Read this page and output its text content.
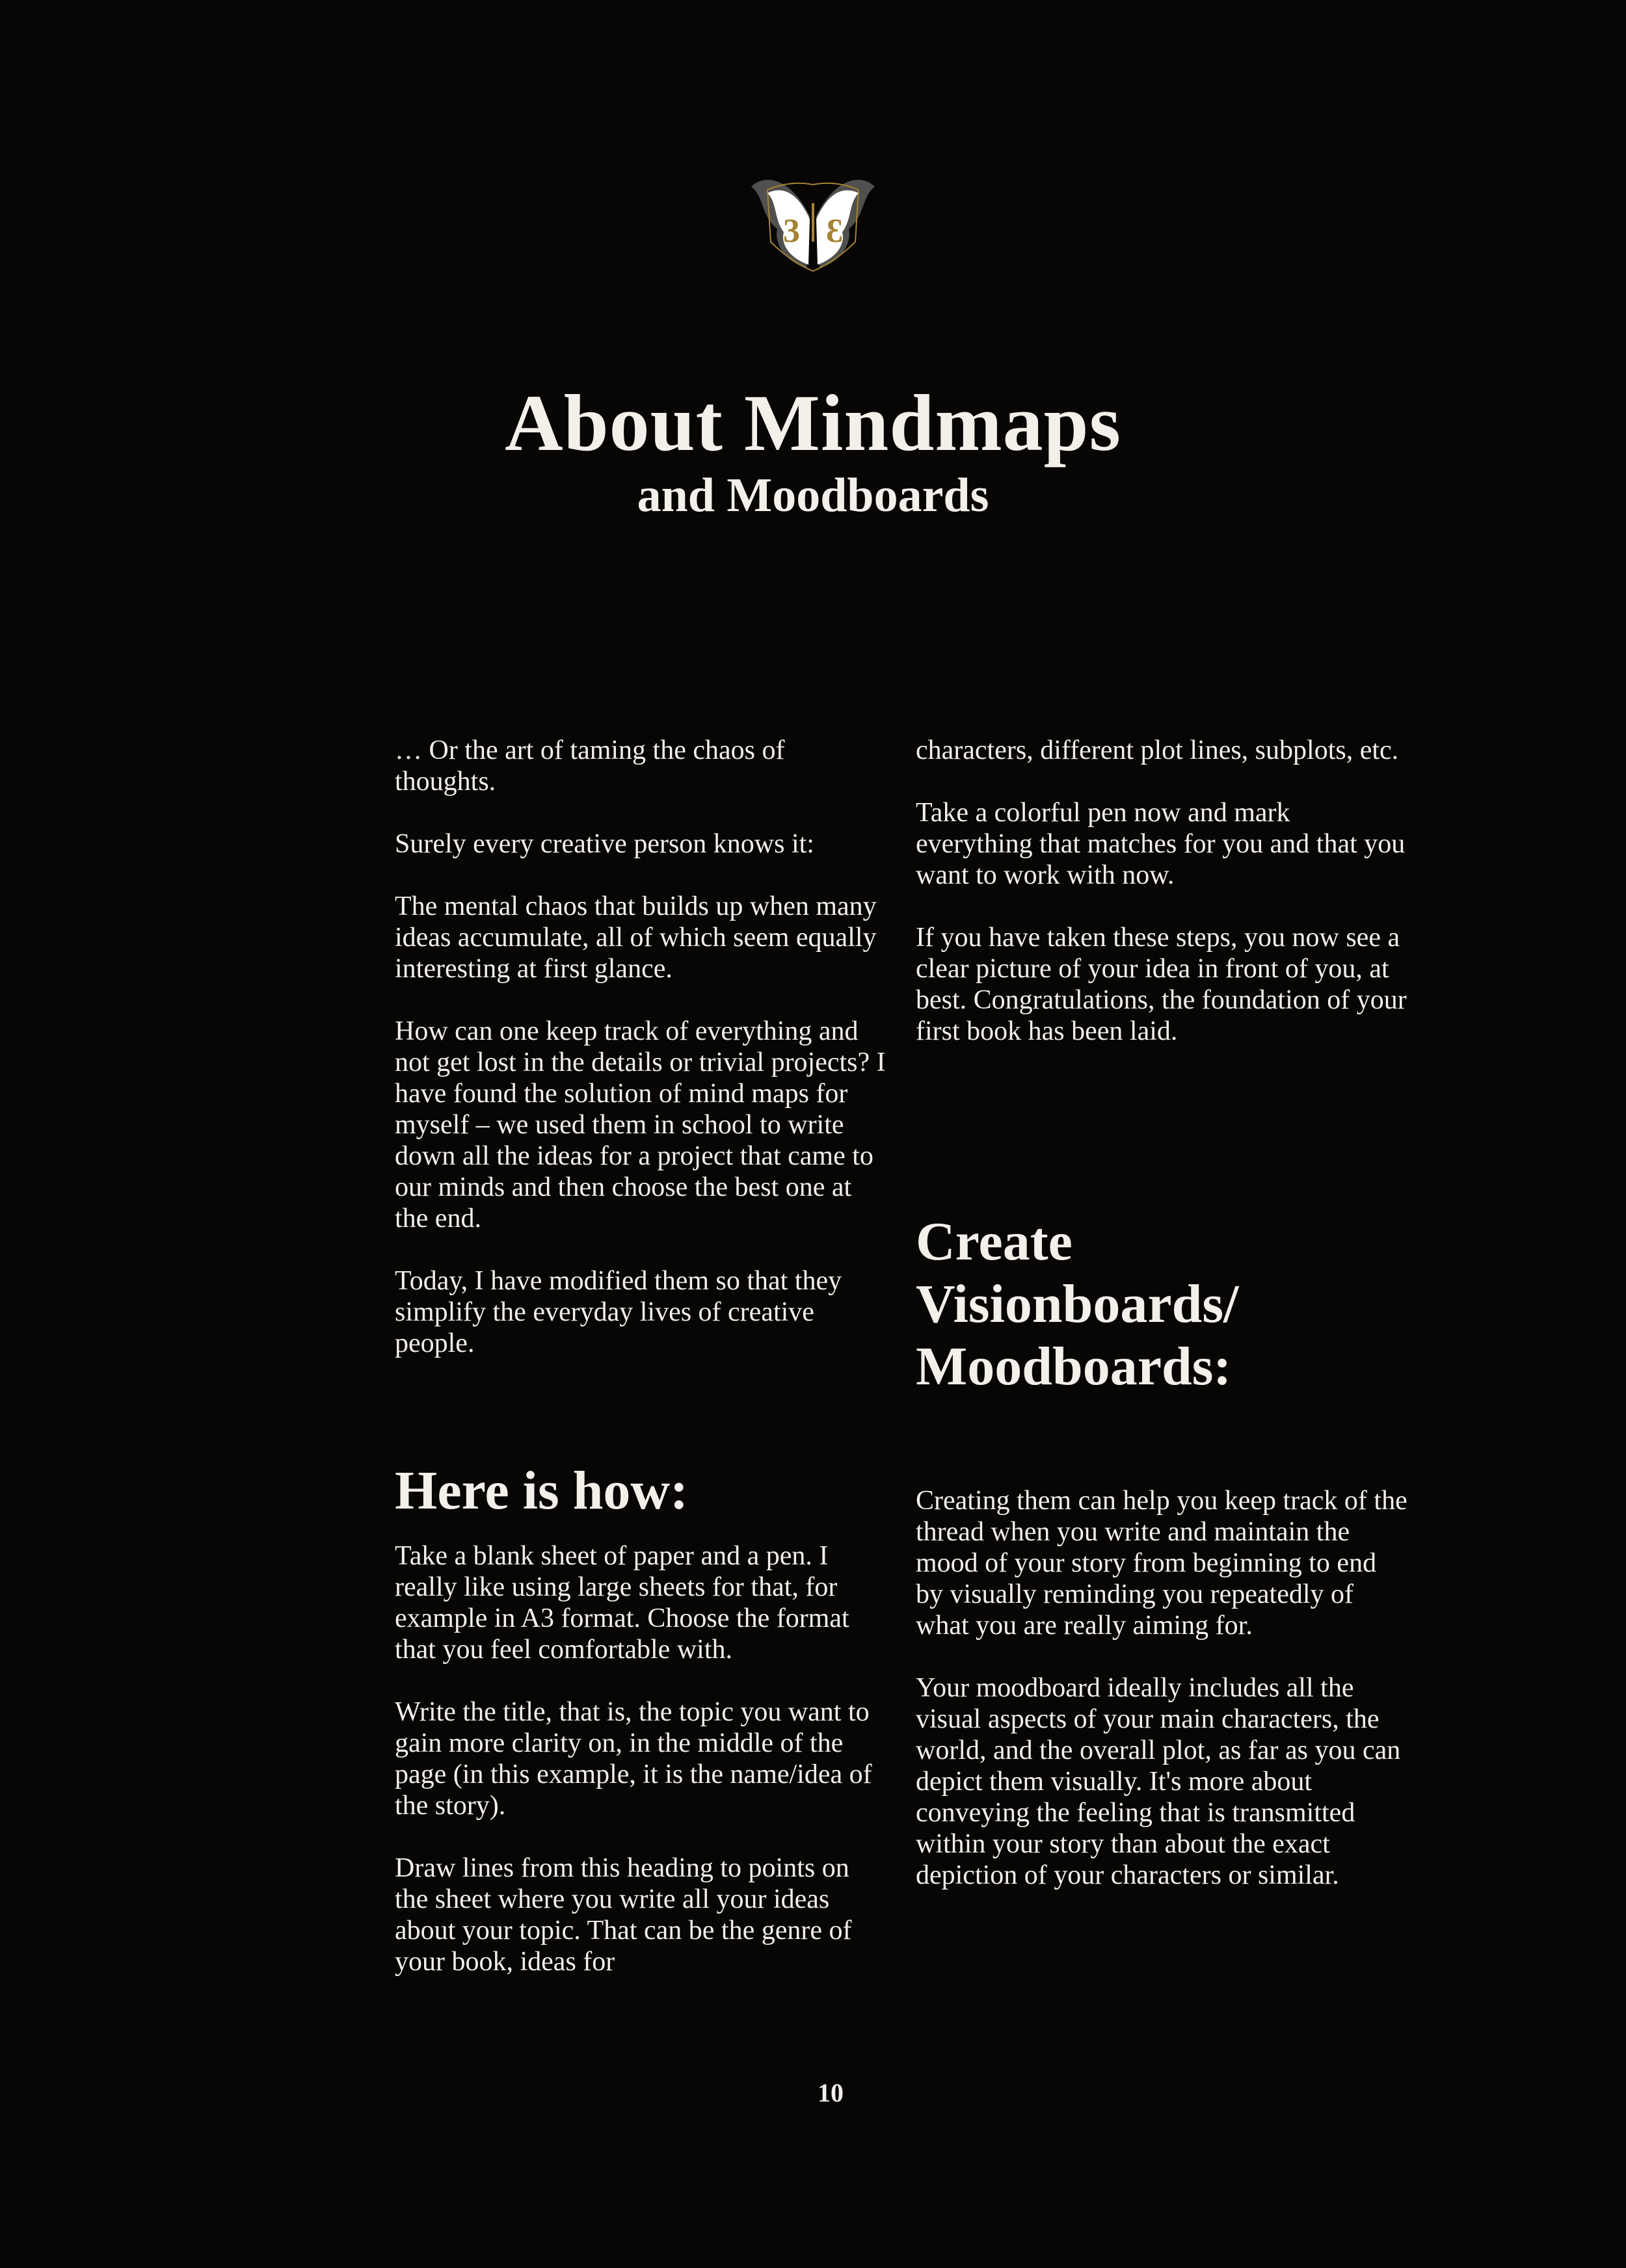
3 3
About Mindmaps
and Moodboards

… Or the art of taming the chaos of thoughts.

Surely every creative person knows it:

The mental chaos that builds up when many ideas accumulate, all of which seem equally interesting at first glance.

How can one keep track of everything and not get lost in the details or trivial projects? I have found the solution of mind maps for myself – we used them in school to write down all the ideas for a project that came to our minds and then choose the best one at the end.

Today, I have modified them so that they simplify the everyday lives of creative people.

Here is how:

Take a blank sheet of paper and a pen. I really like using large sheets for that, for example in A3 format. Choose the format that you feel comfortable with.

Write the title, that is, the topic you want to gain more clarity on, in the middle of the page (in this example, it is the name/idea of the story).

Draw lines from this heading to points on the sheet where you write all your ideas about your topic. That can be the genre of your book, ideas for

characters, different plot lines, subplots, etc.

Take a colorful pen now and mark everything that matches for you and that you want to work with now.

If you have taken these steps, you now see a clear picture of your idea in front of you, at best. Congratulations, the foundation of your first book has been laid.

Create Visionboards/ Moodboards:

Creating them can help you keep track of the thread when you write and maintain the mood of your story from beginning to end by visually reminding you repeatedly of what you are really aiming for.

Your moodboard ideally includes all the visual aspects of your main characters, the world, and the overall plot, as far as you can depict them visually. It's more about conveying the feeling that is transmitted within your story than about the exact depiction of your characters or similar.

10
